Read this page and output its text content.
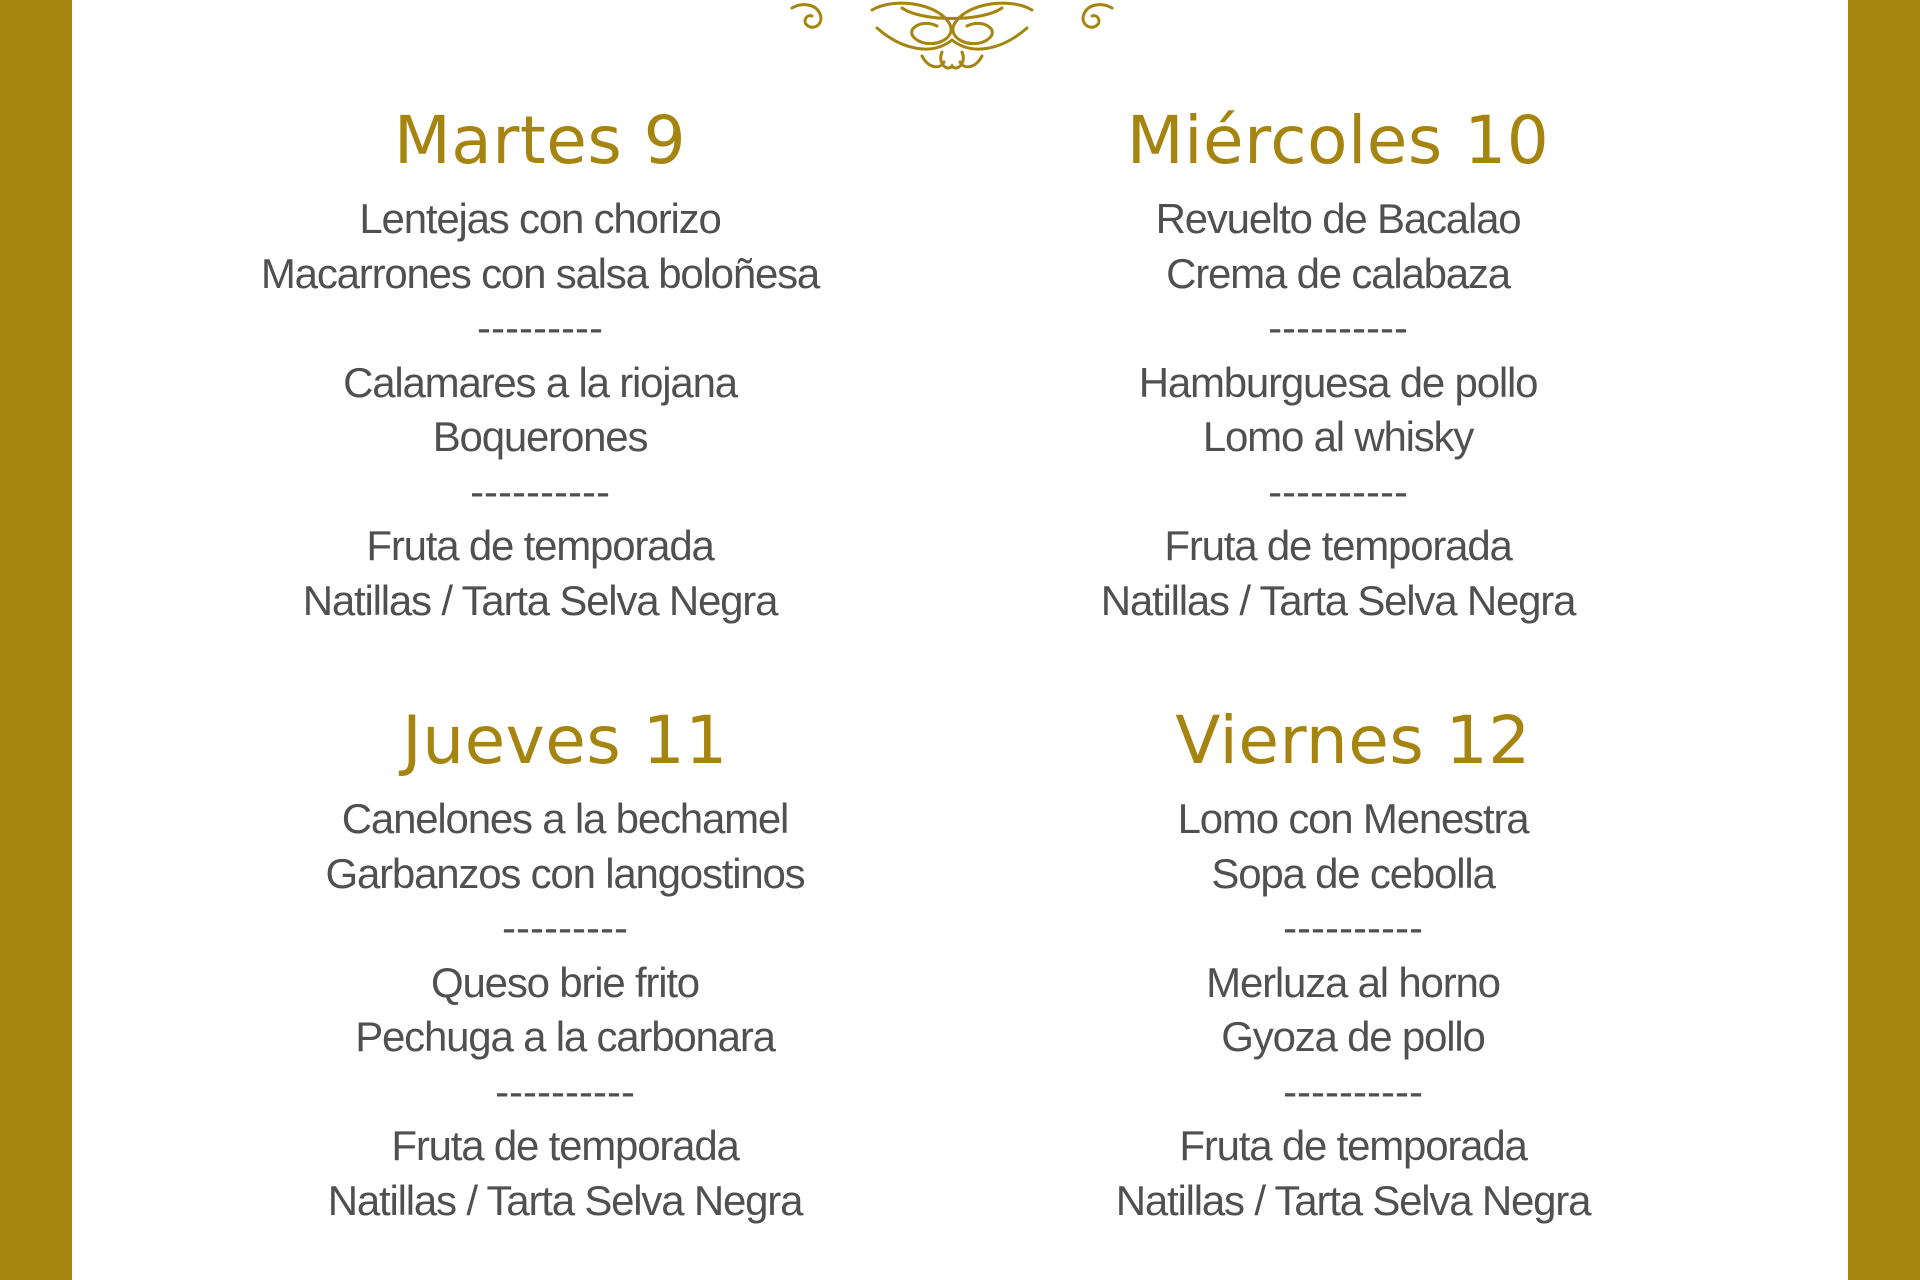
Martes 9
Lentejas con chorizo
Macarrones con salsa boloñesa
---------
Calamares a la riojana
Boquerones
----------
Fruta de temporada
Natillas / Tarta Selva Negra
Miércoles 10
Revuelto de Bacalao
Crema de calabaza
----------
Hamburguesa de pollo
Lomo al whisky
----------
Fruta de temporada
Natillas / Tarta Selva Negra
Jueves 11
Canelones a la bechamel
Garbanzos con langostinos
---------
Queso brie frito
Pechuga a la carbonara
----------
Fruta de temporada
Natillas / Tarta Selva Negra
Viernes 12
Lomo con Menestra
Sopa de cebolla
----------
Merluza al horno
Gyoza de pollo
----------
Fruta de temporada
Natillas / Tarta Selva Negra
